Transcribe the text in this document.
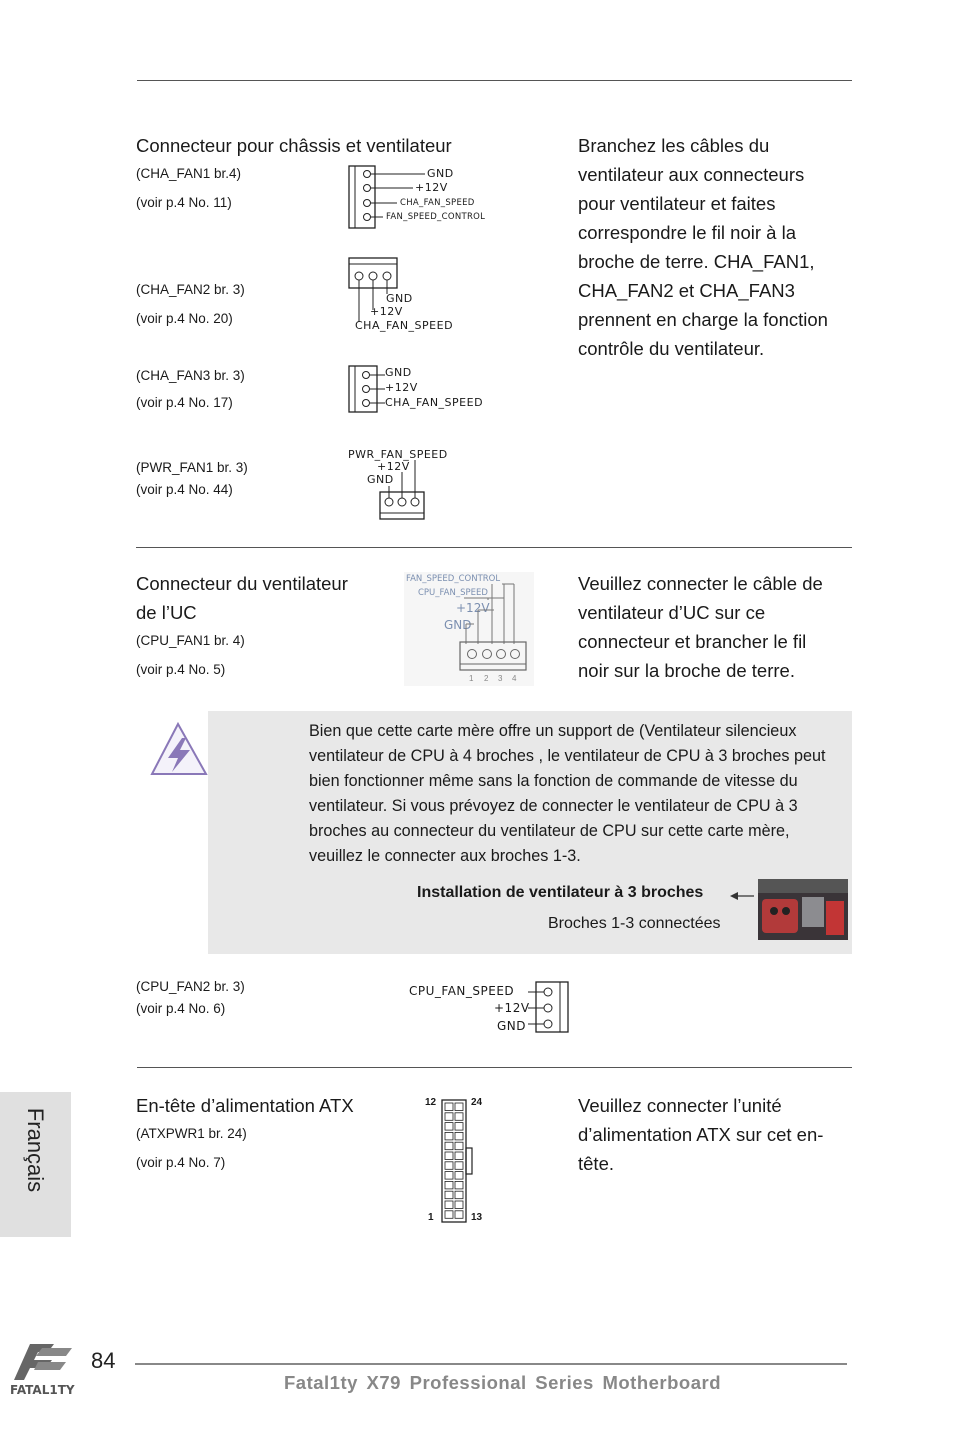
Connecteur pour châssis et ventilateur
(CHA_FAN1 br.4)
(voir p.4 No. 11)
GND
+12V
CHA_FAN_SPEED
FAN_SPEED_CONTROL
(CHA_FAN2 br. 3)
(voir p.4 No. 20)
GND
+12V
CHA_FAN_SPEED
(CHA_FAN3 br. 3)
(voir p.4 No. 17)
GND
+12V
CHA_FAN_SPEED
(PWR_FAN1 br. 3)
(voir p.4 No. 44)
PWR_FAN_SPEED
+12V
GND
Branchez les câbles du
ventilateur aux connecteurs
pour ventilateur et faites
correspondre le fil noir à la
broche de terre. CHA_FAN1,
CHA_FAN2 et CHA_FAN3
prennent en charge la fonction
contrôle du ventilateur.
Connecteur du ventilateur
de l’UC
(CPU_FAN1 br. 4)
(voir p.4 No. 5)
FAN_SPEED_CONTROL
CPU_FAN_SPEED
+12V
GND
1 2 3 4
Veuillez connecter le câble de
ventilateur d’UC sur ce
connecteur et brancher le fil
noir sur la broche de terre.
Bien que cette carte mère offre un support de (Ventilateur silencieux
ventilateur de CPU à 4 broches , le ventilateur de CPU à 3 broches peut
bien fonctionner même sans la fonction de commande de vitesse du
ventilateur. Si vous prévoyez de connecter le ventilateur de CPU à 3
broches au connecteur du ventilateur de CPU sur cette carte mère,
veuillez le connecter aux broches 1-3.
Installation de ventilateur à 3 broches
Broches 1-3 connectées
(CPU_FAN2 br. 3)
(voir p.4 No. 6)
CPU_FAN_SPEED
+12V
GND
En-tête d’alimentation ATX
(ATXPWR1 br. 24)
(voir p.4 No. 7)
12	24
1	13
Veuillez connecter l’unité
d’alimentation ATX sur cet en-
tête.
Français
FATAL1TY
84
Fatal1ty X79 Professional Series Motherboard
